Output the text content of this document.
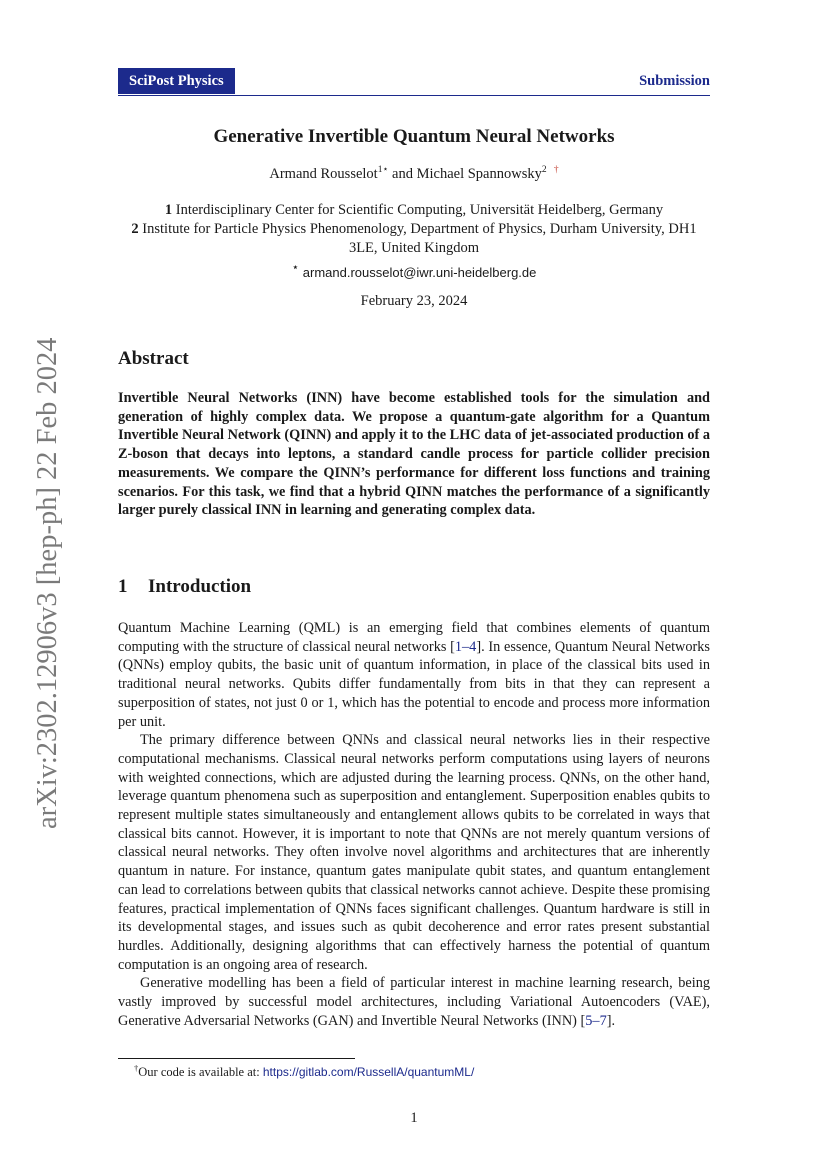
SciPost Physics	Submission
arXiv:2302.12906v3 [hep-ph] 22 Feb 2024
Generative Invertible Quantum Neural Networks
Armand Rousselot$^{1⋆}$ and Michael Spannowsky$^2$ †
1 Interdisciplinary Center for Scientific Computing, Universität Heidelberg, Germany
2 Institute for Particle Physics Phenomenology, Department of Physics, Durham University, DH1 3LE, United Kingdom
⋆ armand.rousselot@iwr.uni-heidelberg.de
February 23, 2024
Abstract
Invertible Neural Networks (INN) have become established tools for the simulation and generation of highly complex data. We propose a quantum-gate algorithm for a Quantum Invertible Neural Network (QINN) and apply it to the LHC data of jet-associated production of a Z-boson that decays into leptons, a standard candle process for particle collider precision measurements. We compare the QINN’s performance for different loss functions and training scenarios. For this task, we find that a hybrid QINN matches the performance of a significantly larger purely classical INN in learning and generating complex data.
1 Introduction

Quantum Machine Learning (QML) is an emerging field that combines elements of quantum computing with the structure of classical neural networks [1–4]. In essence, Quantum Neural Networks (QNNs) employ qubits, the basic unit of quantum information, in place of the classical bits used in traditional neural networks. Qubits differ fundamentally from bits in that they can represent a superposition of states, not just 0 or 1, which has the potential to encode and process more information per unit.

The primary difference between QNNs and classical neural networks lies in their respective computational mechanisms. Classical neural networks perform computations using layers of neurons with weighted connections, which are adjusted during the learning process. QNNs, on the other hand, leverage quantum phenomena such as superposition and entanglement. Superposition enables qubits to represent multiple states simultaneously and entanglement allows qubits to be correlated in ways that classical bits cannot. However, it is important to note that QNNs are not merely quantum versions of classical neural networks. They often involve novel algorithms and architectures that are inherently quantum in nature. For instance, quantum gates manipulate qubit states, and quantum entanglement can lead to correlations between qubits that classical networks cannot achieve. Despite these promising features, practical implementation of QNNs faces significant challenges. Quantum hardware is still in its developmental stages, and issues such as qubit decoherence and error rates present substantial hurdles. Additionally, designing algorithms that can effectively harness the potential of quantum computation is an ongoing area of research.

Generative modelling has been a field of particular interest in machine learning research, being vastly improved by successful model architectures, including Variational Autoencoders (VAE), Generative Adversarial Networks (GAN) and Invertible Neural Networks (INN) [5–7].

†Our code is available at: https://gitlab.com/RussellA/quantumML/
1
